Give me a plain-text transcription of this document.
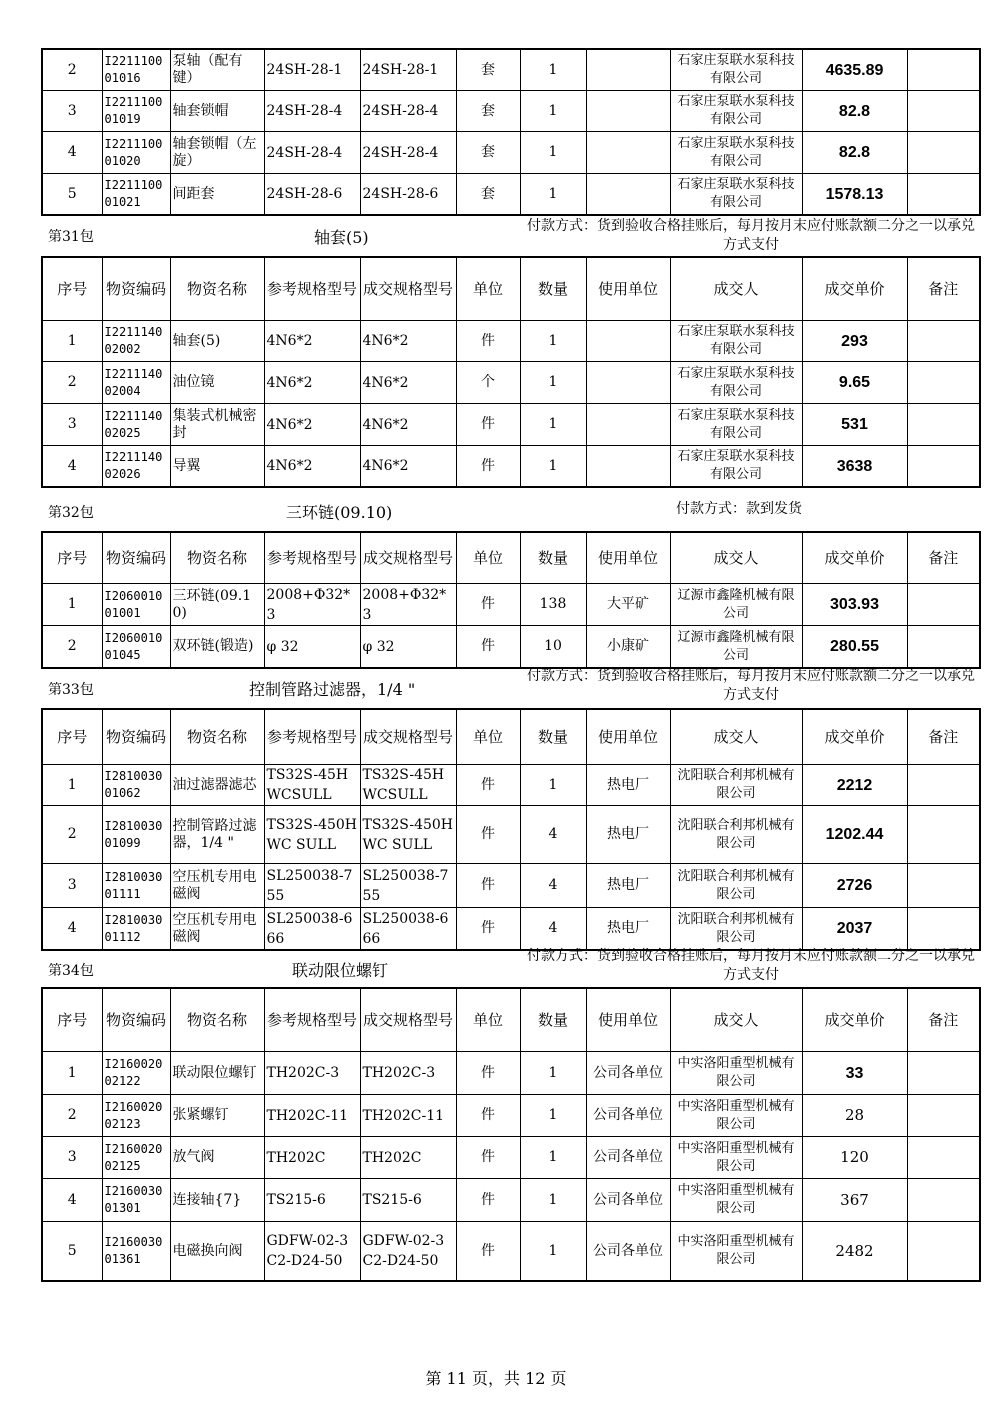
2	I221110001016	泵轴（配有键）	24SH-28-1	24SH-28-1	套	1		石家庄泵联水泵科技有限公司	4635.89	
3	I221110001019	轴套锁帽	24SH-28-4	24SH-28-4	套	1		石家庄泵联水泵科技有限公司	82.8	
4	I221110001020	轴套锁帽（左旋）	24SH-28-4	24SH-28-4	套	1		石家庄泵联水泵科技有限公司	82.8	
5	I221110001021	间距套	24SH-28-6	24SH-28-6	套	1		石家庄泵联水泵科技有限公司	1578.13	
第31包	轴套(5)
付款方式：货到验收合格挂账后，每月按月末应付账款额二分之一以承兑方式支付
序号	物资编码	物资名称	参考规格型号	成交规格型号	单位	数量	使用单位	成交人	成交单价	备注
1	I221114002002	轴套(5)	4N6*2	4N6*2	件	1		石家庄泵联水泵科技有限公司	293	
2	I221114002004	油位镜	4N6*2	4N6*2	个	1		石家庄泵联水泵科技有限公司	9.65	
3	I221114002025	集装式机械密封	4N6*2	4N6*2	件	1		石家庄泵联水泵科技有限公司	531	
4	I221114002026	导翼	4N6*2	4N6*2	件	1		石家庄泵联水泵科技有限公司	3638	
第32包	三环链(09.10)	付款方式：款到发货
序号	物资编码	物资名称	参考规格型号	成交规格型号	单位	数量	使用单位	成交人	成交单价	备注
1	I206001001001	三环链(09.10)	2008+Φ32*3	2008+Φ32*3	件	138	大平矿	辽源市鑫隆机械有限公司	303.93	
2	I206001001045	双环链(锻造)	φ 32	φ 32	件	10	小康矿	辽源市鑫隆机械有限公司	280.55	
第33包	控制管路过滤器，1/4 "
付款方式：货到验收合格挂账后，每月按月末应付账款额二分之一以承兑方式支付
序号	物资编码	物资名称	参考规格型号	成交规格型号	单位	数量	使用单位	成交人	成交单价	备注
1	I281003001062	油过滤器滤芯	TS32S-45HWCSULL	TS32S-45HWCSULL	件	1	热电厂	沈阳联合利邦机械有限公司	2212	
2	I281003001099	控制管路过滤器，1/4 "	TS32S-450HWC SULL	TS32S-450HWC SULL	件	4	热电厂	沈阳联合利邦机械有限公司	1202.44	
3	I281003001111	空压机专用电磁阀	SL250038-755	SL250038-755	件	4	热电厂	沈阳联合利邦机械有限公司	2726	
4	I281003001112	空压机专用电磁阀	SL250038-666	SL250038-666	件	4	热电厂	沈阳联合利邦机械有限公司	2037	
第34包	联动限位螺钉
付款方式：货到验收合格挂账后，每月按月末应付账款额二分之一以承兑方式支付
序号	物资编码	物资名称	参考规格型号	成交规格型号	单位	数量	使用单位	成交人	成交单价	备注
1	I216002002122	联动限位螺钉	TH202C-3	TH202C-3	件	1	公司各单位	中实洛阳重型机械有限公司	33	
2	I216002002123	张紧螺钉	TH202C-11	TH202C-11	件	1	公司各单位	中实洛阳重型机械有限公司	28	
3	I216002002125	放气阀	TH202C	TH202C	件	1	公司各单位	中实洛阳重型机械有限公司	120	
4	I216003001301	连接轴{7}	TS215-6	TS215-6	件	1	公司各单位	中实洛阳重型机械有限公司	367	
5	I216003001361	电磁换向阀	GDFW-02-3C2-D24-50	GDFW-02-3C2-D24-50	件	1	公司各单位	中实洛阳重型机械有限公司	2482	
第 11 页，共 12 页
